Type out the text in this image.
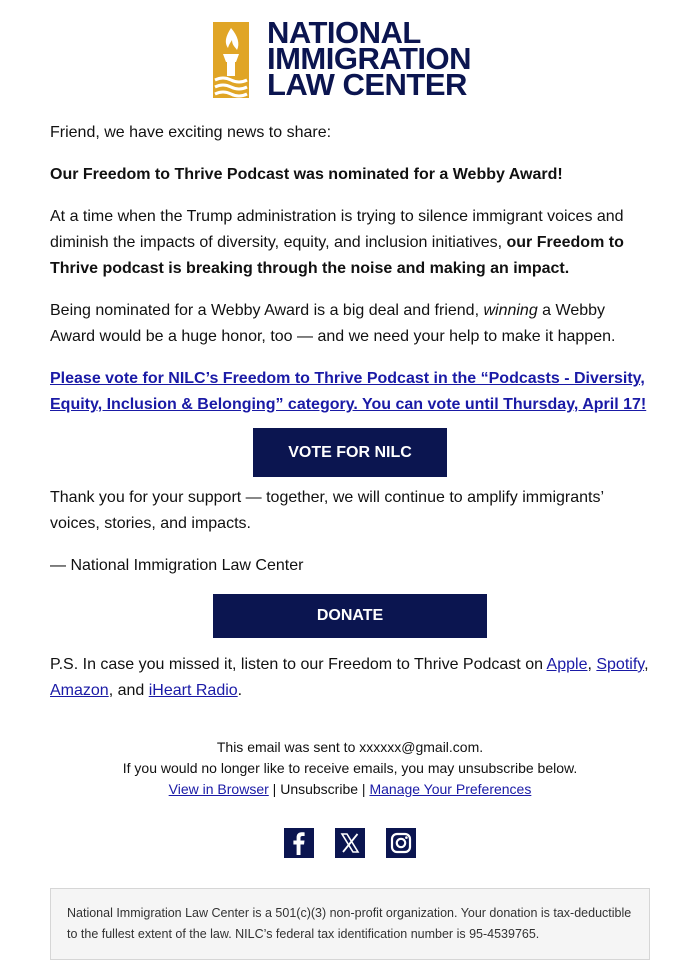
NATIONAL
IMMIGRATION
LAW CENTER
Friend, we have exciting news to share:
Our Freedom to Thrive Podcast was nominated for a Webby Award!
At a time when the Trump administration is trying to silence immigrant voices and diminish the impacts of diversity, equity, and inclusion initiatives, our Freedom to Thrive podcast is breaking through the noise and making an impact.
Being nominated for a Webby Award is a big deal and friend, winning a Webby Award would be a huge honor, too — and we need your help to make it happen.
Please vote for NILC’s Freedom to Thrive Podcast in the “Podcasts - Diversity, Equity, Inclusion & Belonging” category. You can vote until Thursday, April 17!
VOTE FOR NILC
Thank you for your support — together, we will continue to amplify immigrants’ voices, stories, and impacts.
— National Immigration Law Center
DONATE
P.S. In case you missed it, listen to our Freedom to Thrive Podcast on Apple, Spotify, Amazon, and iHeart Radio.
This email was sent to xxxxxx@gmail.com.
If you would no longer like to receive emails, you may unsubscribe below.
View in Browser | Unsubscribe | Manage Your Preferences
National Immigration Law Center is a 501(c)(3) non-profit organization. Your donation is tax-deductible to the fullest extent of the law. NILC’s federal tax identification number is 95-4539765.
